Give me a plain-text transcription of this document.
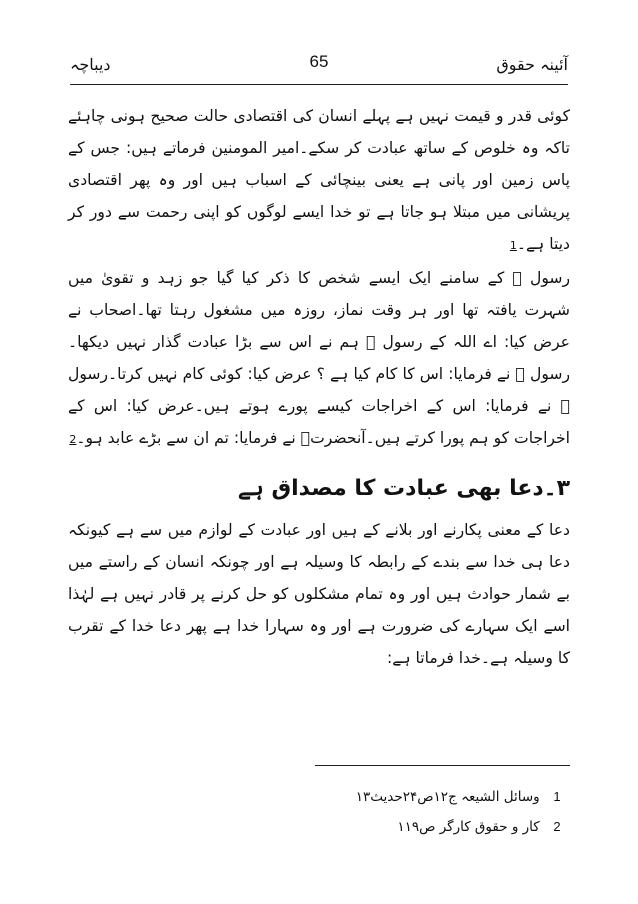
دیباچہ	65	آئینہ حقوق

کوئی قدر و قیمت نہیں ہے پہلے انسان کی اقتصادی حالت صحیح ہونی چاہئے تاکہ وہ خلوص کے ساتھ عبادت کر سکے۔امیر المومنین فرماتے ہیں: جس کے پاس زمین اور پانی ہے یعنی بینچائی کے اسباب ہیں اور وہ پھر اقتصادی پریشانی میں مبتلا ہو جاتا ہے تو خدا ایسے لوگوں کو اپنی رحمت سے دور کر دیتا ہے۔1

رسول ﷺ کے سامنے ایک ایسے شخص کا ذکر کیا گیا جو زہد و تقویٰ میں شہرت یافتہ تھا اور ہر وقت نماز، روزہ میں مشغول رہتا تھا۔اصحاب نے عرض کیا: اے اللہ کے رسول ﷺ ہم نے اس سے بڑا عبادت گذار نہیں دیکھا۔رسول ﷺ نے فرمایا: اس کا کام کیا ہے ؟ عرض کیا: کوئی کام نہیں کرتا۔رسول ﷺ نے فرمایا: اس کے اخراجات کیسے پورے ہوتے ہیں۔عرض کیا: اس کے اخراجات کو ہم پورا کرتے ہیں۔آنحضرتؐ نے فرمایا: تم ان سے بڑے عابد ہو۔2

۳۔دعا بھی عبادت کا مصداق ہے

دعا کے معنی پکارنے اور بلانے کے ہیں اور عبادت کے لوازم میں سے ہے کیونکہ دعا ہی خدا سے بندے کے رابطہ کا وسیلہ ہے اور چونکہ انسان کے راستے میں بے شمار حوادث ہیں اور وہ تمام مشکلوں کو حل کرنے پر قادر نہیں ہے لہٰذا اسے ایک سہارے کی ضرورت ہے اور وہ سہارا خدا ہے پھر دعا خدا کے تقرب کا وسیلہ ہے۔خدا فرماتا ہے:

1 وسائل الشیعہ ج۱۲ص۲۴حدیث۱۳
2 کار و حقوق کارگر ص۱۱۹
